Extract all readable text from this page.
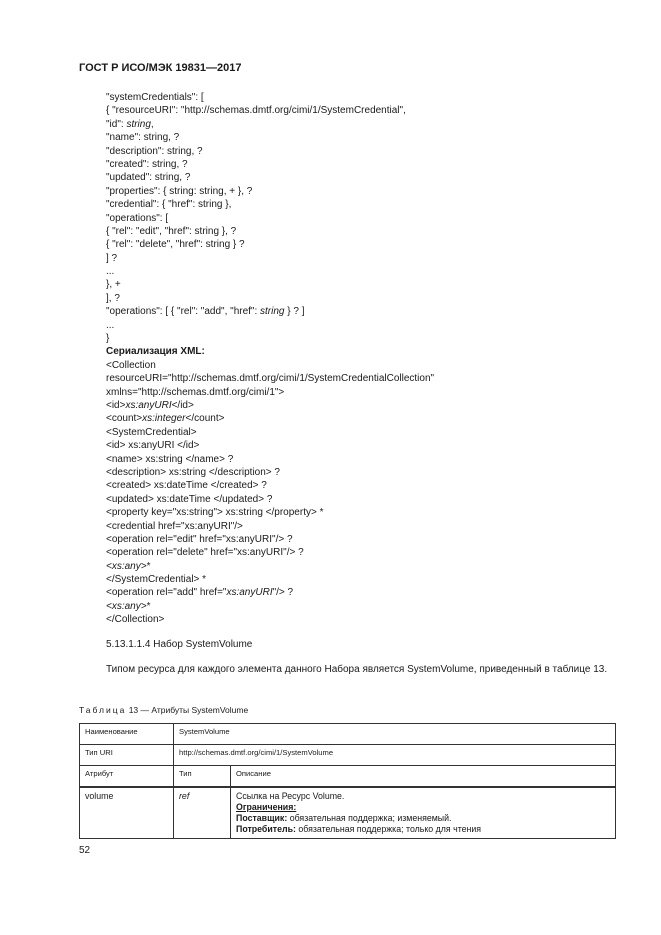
ГОСТ Р ИСО/МЭК 19831—2017
"systemCredentials": [
{ "resourceURI": "http://schemas.dmtf.org/cimi/1/SystemCredential",
"id": string,
"name": string, ?
"description": string, ?
"created": string, ?
"updated": string, ?
"properties": { string: string, + }, ?
"credential": { "href": string },
"operations": [
{ "rel": "edit", "href": string }, ?
{ "rel": "delete", "href": string } ?
] ?
...
}, +
], ?
"operations": [ { "rel": "add", "href": string } ? ]
...
}
Сериализация XML:
<Collection
resourceURI="http://schemas.dmtf.org/cimi/1/SystemCredentialCollection"
xmlns="http://schemas.dmtf.org/cimi/1">
<id>xs:anyURI</id>
<count>xs:integer</count>
<SystemCredential>
<id> xs:anyURI </id>
<name> xs:string </name> ?
<description> xs:string </description> ?
<created> xs:dateTime </created> ?
<updated> xs:dateTime </updated> ?
<property key="xs:string"> xs:string </property> *
<credential href="xs:anyURI"/>
<operation rel="edit" href="xs:anyURI"/> ?
<operation rel="delete" href="xs:anyURI"/> ?
<xs:any>*
</SystemCredential> *
<operation rel="add" href="xs:anyURI"/> ?
<xs:any>*
</Collection>
5.13.1.1.4 Набор SystemVolume
Типом ресурса для каждого элемента данного Набора является SystemVolume, приведенный в таблице 13.
Таблица 13 — Атрибуты SystemVolume
Наименование	SystemVolume	
Тип URI	http://schemas.dmtf.org/cimi/1/SystemVolume	
Атрибут	Тип	Описание
volume	ref	Ссылка на Ресурс Volume.
Ограничения:
Поставщик: обязательная поддержка; изменяемый.
Потребитель: обязательная поддержка; только для чтения
52
